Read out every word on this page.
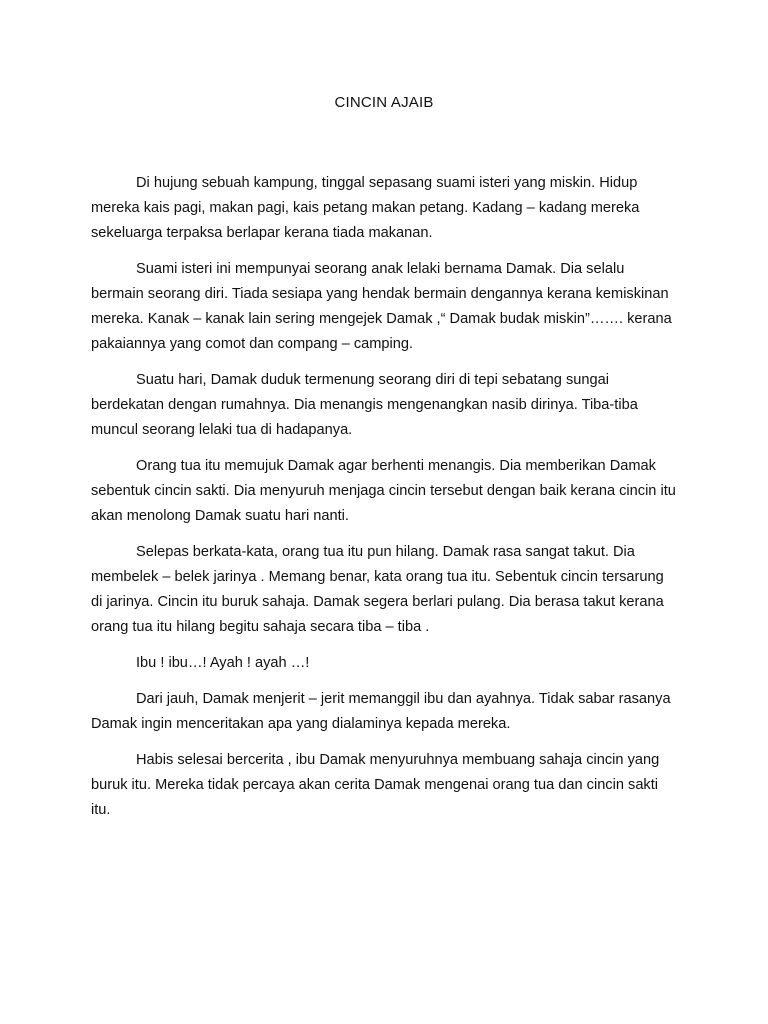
CINCIN AJAIB

Di hujung sebuah kampung, tinggal sepasang suami isteri yang miskin. Hidup mereka kais pagi, makan pagi, kais petang makan petang. Kadang – kadang mereka sekeluarga terpaksa berlapar kerana tiada makanan.

Suami isteri ini mempunyai seorang anak lelaki bernama Damak. Dia selalu bermain seorang diri. Tiada sesiapa yang hendak bermain dengannya kerana kemiskinan mereka. Kanak – kanak lain sering mengejek Damak ,“ Damak budak miskin”……. kerana pakaiannya yang comot dan compang – camping.

Suatu hari, Damak duduk termenung seorang diri di tepi sebatang sungai berdekatan dengan rumahnya. Dia menangis mengenangkan nasib dirinya. Tiba-tiba muncul seorang lelaki tua di hadapanya.

Orang tua itu memujuk Damak agar berhenti menangis. Dia memberikan Damak sebentuk cincin sakti. Dia menyuruh menjaga cincin tersebut dengan baik kerana cincin itu akan menolong Damak suatu hari nanti.

Selepas berkata-kata, orang tua itu pun hilang. Damak rasa sangat takut. Dia membelek – belek jarinya . Memang benar, kata orang tua itu. Sebentuk cincin tersarung di jarinya. Cincin itu buruk sahaja. Damak segera berlari pulang. Dia berasa takut kerana orang tua itu hilang begitu sahaja secara tiba – tiba .

Ibu ! ibu…! Ayah ! ayah …!

Dari jauh, Damak menjerit – jerit memanggil ibu dan ayahnya. Tidak sabar rasanya Damak ingin menceritakan apa yang dialaminya kepada mereka.

Habis selesai bercerita , ibu Damak menyuruhnya membuang sahaja cincin yang buruk itu. Mereka tidak percaya akan cerita Damak mengenai orang tua dan cincin sakti itu.
